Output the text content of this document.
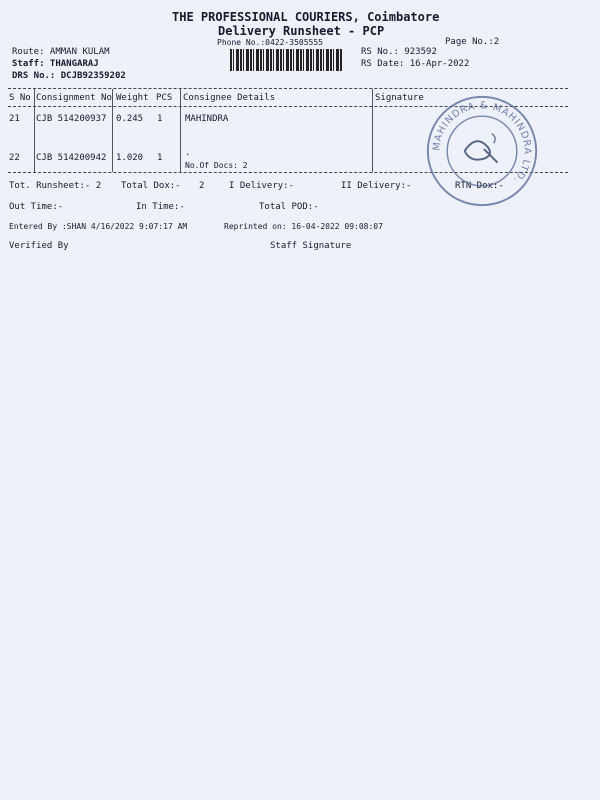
THE PROFESSIONAL COURIERS, Coimbatore
Delivery Runsheet - PCP
Phone No.:0422-3505555	Page No.:2
Route: AMMAN KULAM
Staff: THANGARAJ
DRS No.: DCJB92359202
RS No.: 923592
RS Date: 16-Apr-2022
S No Consignment No Weight PCS Consignee Details	Signature
21 CJB 514200937 0.245 1	MAHINDRA
22 CJB 514200942 1.020 1	.
No.Of Docs: 2
Tot. Runsheet:- 2 Total Dox:- 2	I Delivery:-	II Delivery:-	RTN Dox:-
Out Time:-	In Time:-	Total POD:-
Entered By :SHAN 4/16/2022 9:07:17 AM	Reprinted on: 16-04-2022 09:08:07
Verified By	Staff Signature
MAHINDRA & MAHINDRA LTD.
